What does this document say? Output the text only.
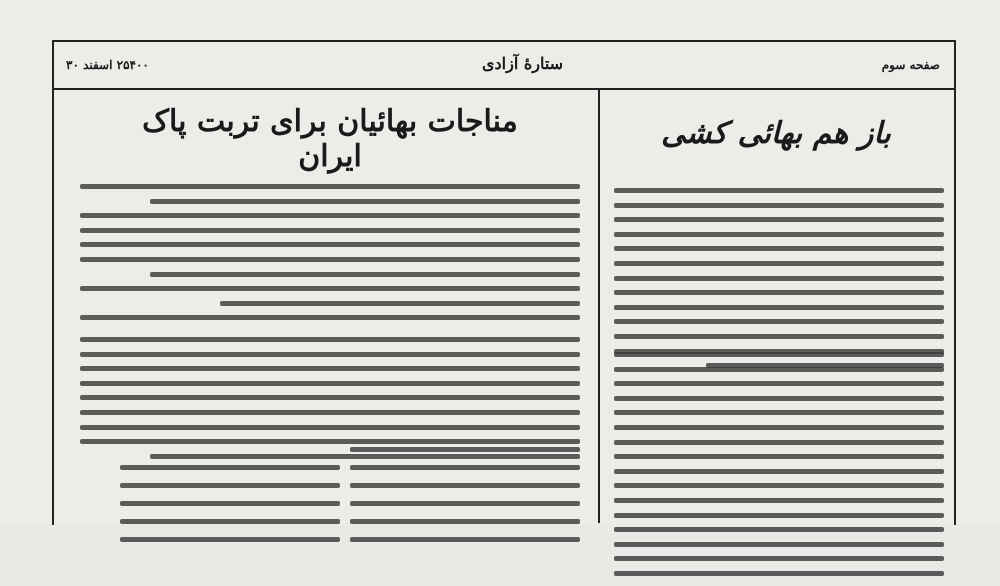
۲۵۴۰۰ اسفند ۳۰	ستارهٔ آزادی	صفحه سوم
مناجات بهائیان برای تربت پاک ایران
باز هم بهائی کشی
